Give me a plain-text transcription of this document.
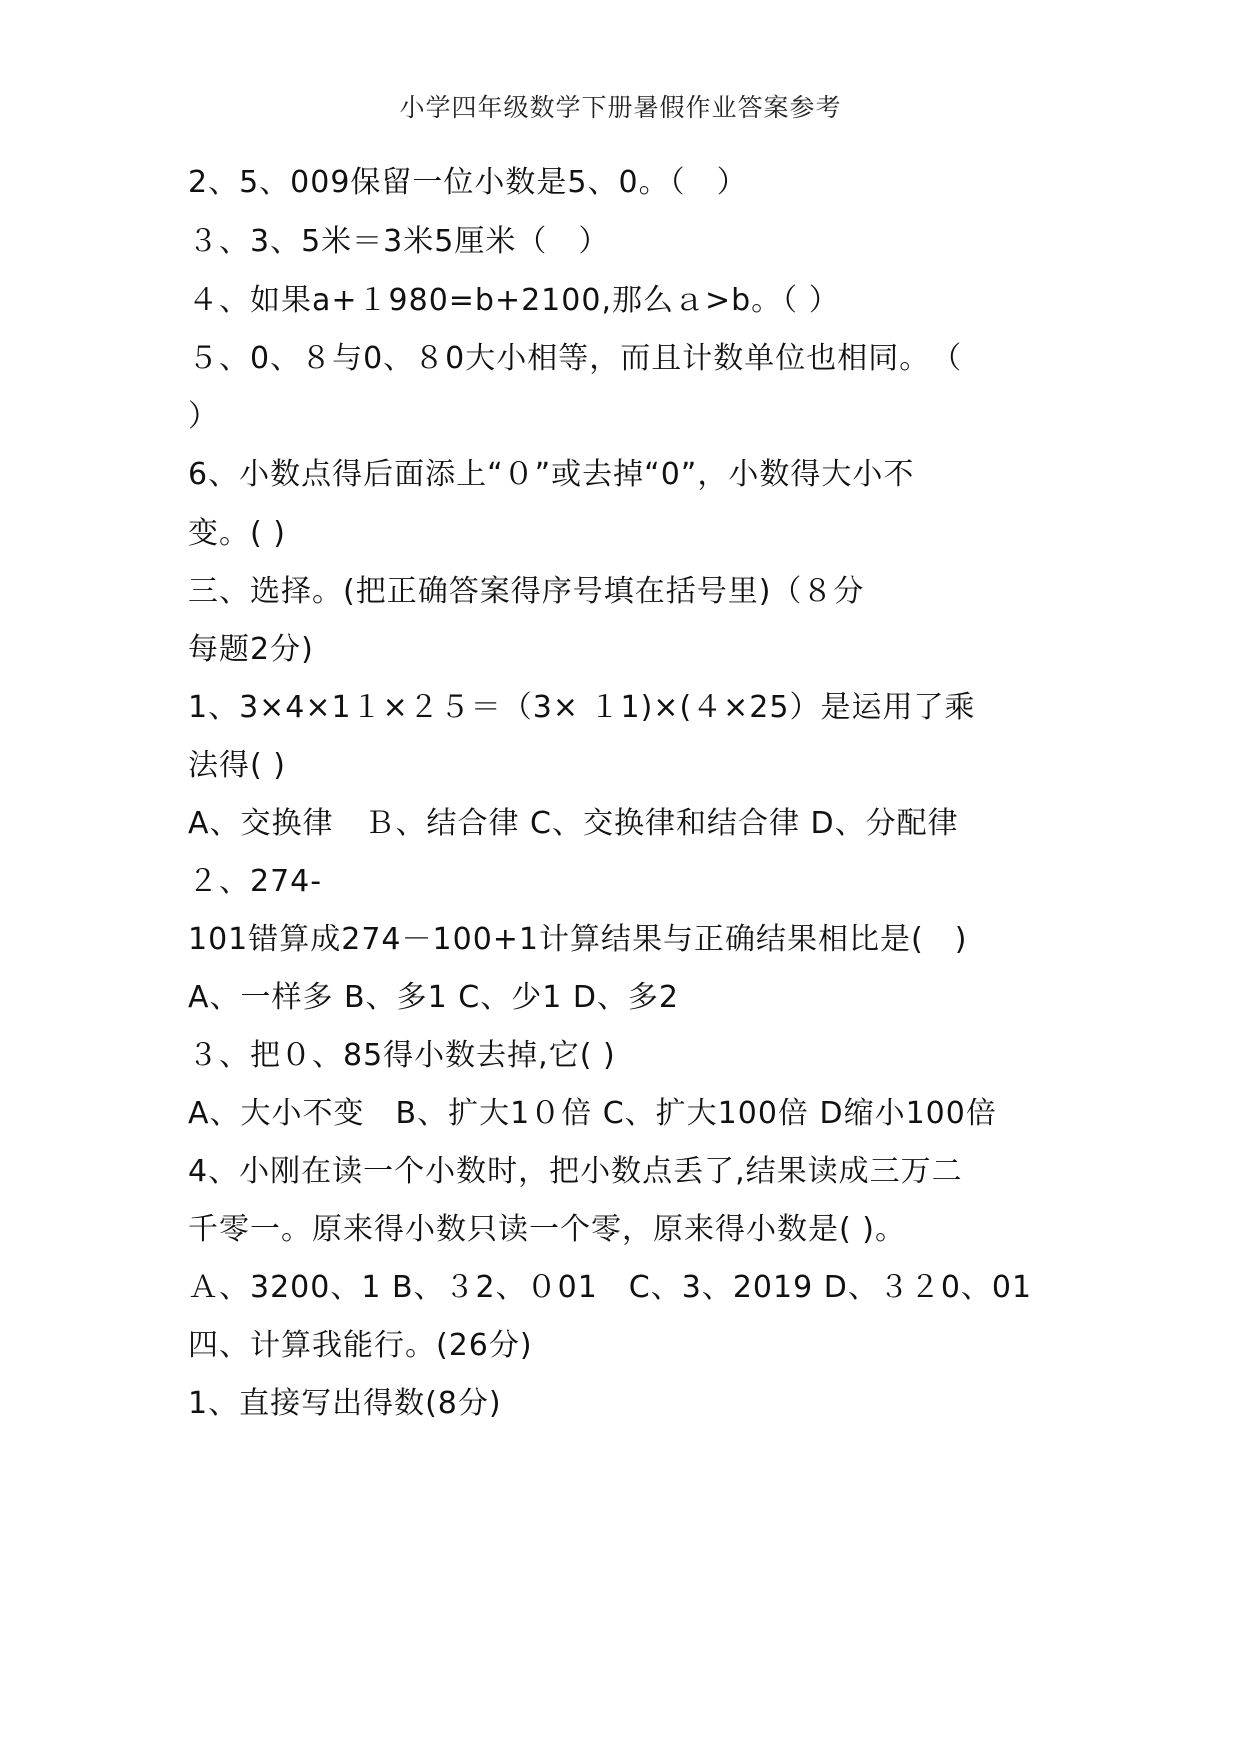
小学四年级数学下册暑假作业答案参考
2、5、009保留一位小数是5、0。（　）
３、3、5米＝3米5厘米（　）
４、如果a+１980=b+2100,那么ａ>b。（ ）
５、0、８与0、８0大小相等，而且计数单位也相同。　（
）
6、小数点得后面添上“０”或去掉“0”，小数得大小不
变。( )
三、选择。(把正确答案得序号填在括号里)（８分
每题2分)
1、3×4×1１×２５＝（3× １1)×(４×25）是运用了乘
法得( )
A、交换律　Ｂ、结合律 C、交换律和结合律 D、分配律
２、274-
101错算成274－100+1计算结果与正确结果相比是(　)
A、一样多 B、多1 C、少1 D、多2
３、把０、85得小数去掉,它( )
A、大小不变　B、扩大1０倍 C、扩大100倍 D缩小100倍
4、小刚在读一个小数时，把小数点丢了,结果读成三万二
千零一。原来得小数只读一个零，原来得小数是( )。
Ａ、3200、1 B、３2、０01　C、3、2019 D、３２0、01
四、计算我能行。(26分)
1、直接写出得数(8分)
